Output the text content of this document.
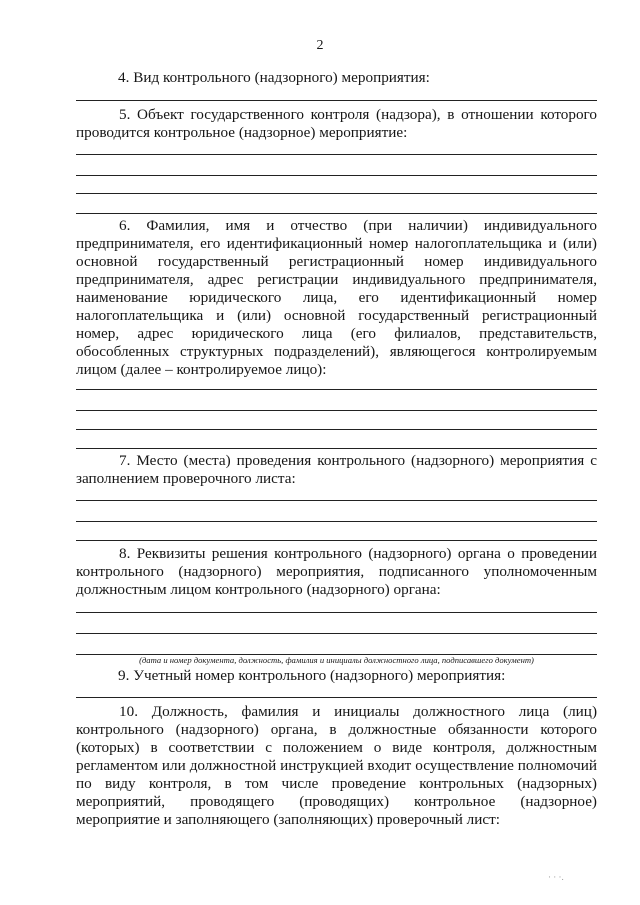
2
4. Вид контрольного (надзорного) мероприятия:
5. Объект государственного контроля (надзора), в отношении которого проводится контрольное (надзорное) мероприятие:
6. Фамилия, имя и отчество (при наличии) индивидуального предпринимателя, его идентификационный номер налогоплательщика и (или) основной государственный регистрационный номер индивидуального предпринимателя, адрес регистрации индивидуального предпринимателя, наименование юридического лица, его идентификационный номер налогоплательщика и (или) основной государственный регистрационный номер, адрес юридического лица (его филиалов, представительств, обособленных структурных подразделений), являющегося контролируемым лицом (далее – контролируемое лицо):
7. Место (места) проведения контрольного (надзорного) мероприятия с заполнением проверочного листа:
8. Реквизиты решения контрольного (надзорного) органа о проведении контрольного (надзорного) мероприятия, подписанного уполномоченным должностным лицом контрольного (надзорного) органа:
(дата и номер документа, должность, фамилия и инициалы должностного лица, подписавшего документ)
9. Учетный номер контрольного (надзорного) мероприятия:
10. Должность, фамилия и инициалы должностного лица (лиц) контрольного (надзорного) органа, в должностные обязанности которого (которых) в соответствии с положением о виде контроля, должностным регламентом или должностной инструкцией входит осуществление полномочий по виду контроля, в том числе проведение контрольных (надзорных) мероприятий, проводящего (проводящих) контрольное (надзорное) мероприятие и заполняющего (заполняющих) проверочный лист:
· · ·.
